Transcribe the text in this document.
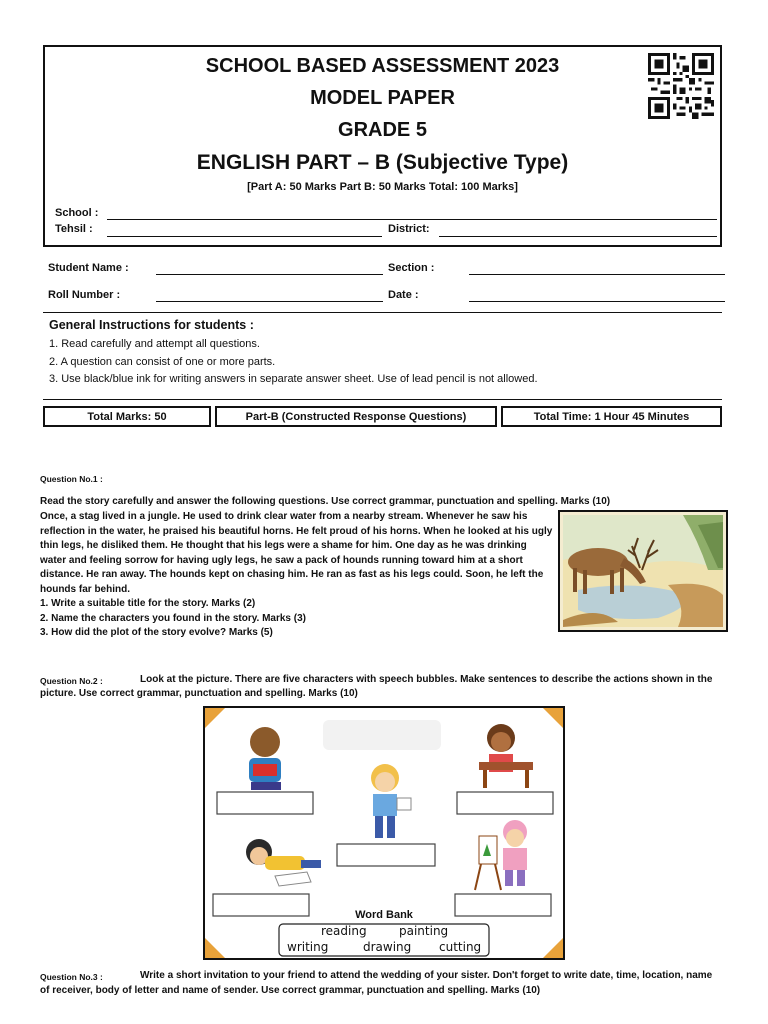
SCHOOL BASED ASSESSMENT 2023
MODEL PAPER
GRADE 5
ENGLISH PART – B (Subjective Type)
[Part A: 50 Marks Part B: 50 Marks Total: 100 Marks]
School :
Tehsil :	District:
Student Name :	Section :
Roll Number :	Date :
General Instructions for students :
1. Read carefully and attempt all questions.
2. A question can consist of one or more parts.
3. Use black/blue ink for writing answers in separate answer sheet. Use of lead pencil is not allowed.
Total Marks: 50	Part-B (Constructed Response Questions)	Total Time: 1 Hour 45 Minutes
Question No.1 :
Read the story carefully and answer the following questions. Use correct grammar, punctuation and spelling. Marks (10)
Once, a stag lived in a jungle. He used to drink clear water from a nearby stream. Whenever he saw his
reflection in the water, he praised his beautiful horns. He felt proud of his horns. When he looked at his ugly
thin legs, he disliked them. He thought that his legs were a shame for him. One day as he was drinking
water and feeling sorrow for having ugly legs, he saw a pack of hounds running toward him at a short
distance. He ran away. The hounds kept on chasing him. He ran as fast as his legs could. Soon, he left the
hounds far behind.
1. Write a suitable title for the story. Marks (2)
2. Name the characters you found in the story. Marks (3)
3. How did the plot of the story evolve? Marks (5)
Question No.2 :	Look at the picture. There are five characters with speech bubbles. Make sentences to describe the actions shown in the
picture. Use correct grammar, punctuation and spelling. Marks (10)
Word Bank
reading	painting
writing	drawing cutting
Question No.3 :	Write a short invitation to your friend to attend the wedding of your sister. Don't forget to write date, time, location, name
of receiver, body of letter and name of sender. Use correct grammar, punctuation and spelling. Marks (10)
